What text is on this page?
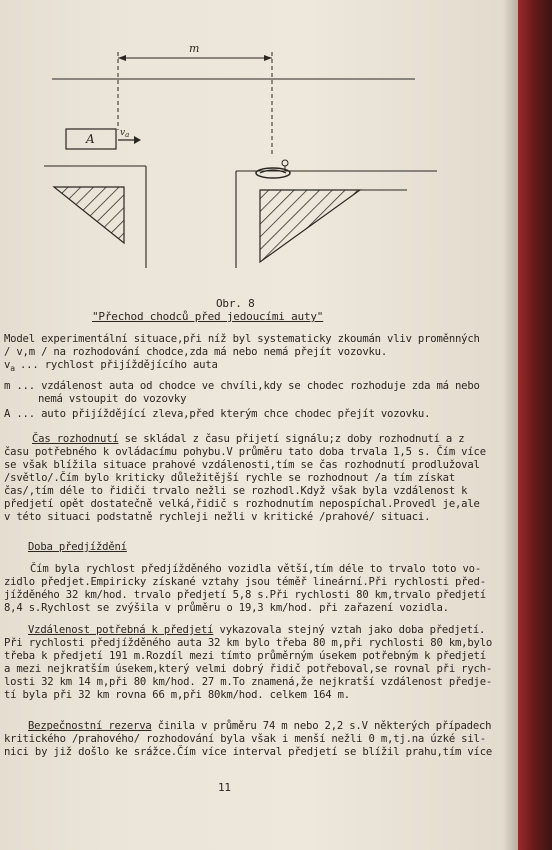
m
A	$v_a$
Obr. 8
"Přechod chodců před jedoucími auty"
Model experimentální situace,při níž byl systematicky zkoumán vliv proměnných
/ v,m / na rozhodování chodce,zda má nebo nemá přejít vozovku.
$v_a$ ... rychlost přijíždějícího auta
m ... vzdálenost auta od chodce ve chvíli,kdy se chodec rozhoduje zda má nebo
nemá vstoupit do vozovky
A ... auto přijíždějící zleva,před kterým chce chodec přejít vozovku.
Čas rozhodnutí se skládal z času přijetí signálu;z doby rozhodnutí a z
času potřebného k ovládacímu pohybu.V průměru tato doba trvala 1,5 s. Čím více
se však blížila situace prahové vzdálenosti,tím se čas rozhodnutí prodlužoval
/světlo/.Čím bylo kriticky důležitější rychle se rozhodnout /a tím získat
čas/,tím déle to řidiči trvalo nežli se rozhodl.Když však byla vzdálenost k
předjetí opět dostatečně velká,řidič s rozhodnutím nepospíchal.Provedl je,ale
v této situaci podstatně rychleji nežli v kritické /prahové/ situaci.
Doba předjíždění
Čím byla rychlost předjížděného vozidla větší,tím déle to trvalo toto vo-
zidlo předjet.Empiricky získané vztahy jsou téměř lineární.Při rychlosti před-
jížděného 32 km/hod. trvalo předjetí 5,8 s.Při rychlosti 80 km,trvalo předjetí
8,4 s.Rychlost se zvýšila v průměru o 19,3 km/hod. při zařazení vozidla.
Vzdálenost potřebná k předjetí vykazovala stejný vztah jako doba předjetí.
Při rychlosti předjížděného auta 32 km bylo třeba 80 m,při rychlosti 80 km,bylo
třeba k předjetí 191 m.Rozdíl mezi tímto průměrným úsekem potřebným k předjetí
a mezi nejkratším úsekem,který velmi dobrý řidič potřeboval,se rovnal při rych-
losti 32 km 14 m,při 80 km/hod. 27 m.To znamená,že nejkratší vzdálenost předje-
tí byla při 32 km rovna 66 m,při 80km/hod. celkem 164 m.
Bezpečnostní rezerva činila v průměru 74 m nebo 2,2 s.V některých případech
kritického /prahového/ rozhodování byla však i menší nežli 0 m,tj.na úzké sil-
nici by již došlo ke srážce.Čím více interval předjetí se blížil prahu,tím více
11
